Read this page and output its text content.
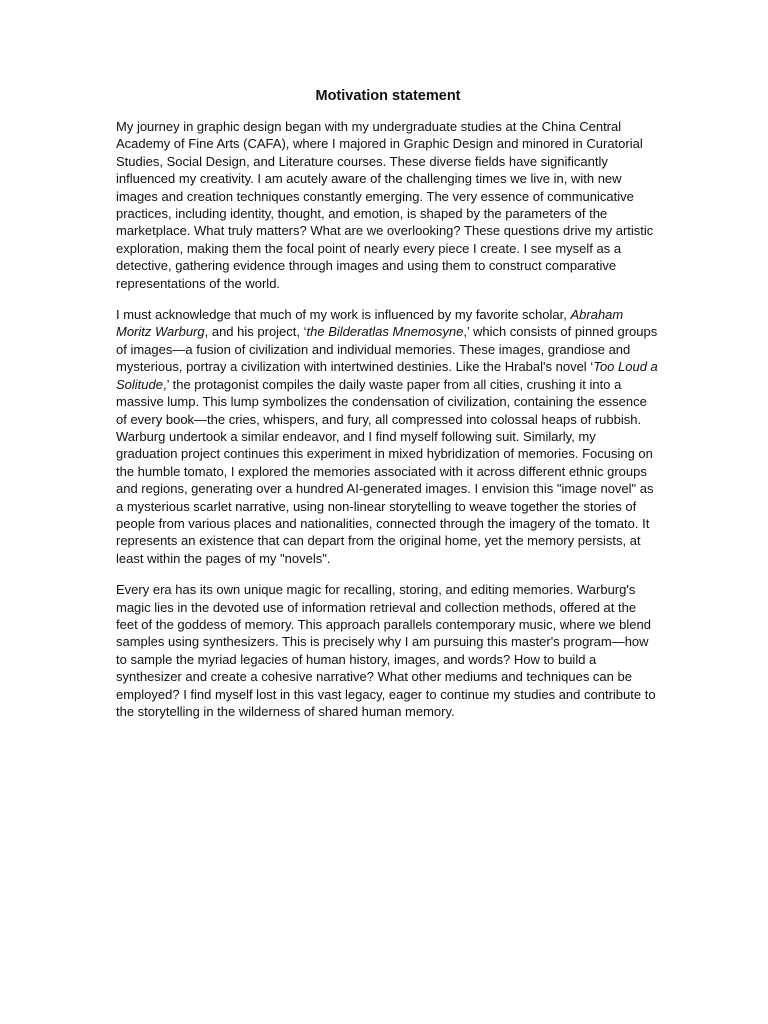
Motivation statement

My journey in graphic design began with my undergraduate studies at the China Central Academy of Fine Arts (CAFA), where I majored in Graphic Design and minored in Curatorial Studies, Social Design, and Literature courses. These diverse fields have significantly influenced my creativity. I am acutely aware of the challenging times we live in, with new images and creation techniques constantly emerging. The very essence of communicative practices, including identity, thought, and emotion, is shaped by the parameters of the marketplace. What truly matters? What are we overlooking? These questions drive my artistic exploration, making them the focal point of nearly every piece I create. I see myself as a detective, gathering evidence through images and using them to construct comparative representations of the world.

I must acknowledge that much of my work is influenced by my favorite scholar, Abraham Moritz Warburg, and his project, ‘the Bilderatlas Mnemosyne,’ which consists of pinned groups of images—a fusion of civilization and individual memories. These images, grandiose and mysterious, portray a civilization with intertwined destinies. Like the Hrabal's novel ‘Too Loud a Solitude,’ the protagonist compiles the daily waste paper from all cities, crushing it into a massive lump. This lump symbolizes the condensation of civilization, containing the essence of every book—the cries, whispers, and fury, all compressed into colossal heaps of rubbish. Warburg undertook a similar endeavor, and I find myself following suit. Similarly, my graduation project continues this experiment in mixed hybridization of memories. Focusing on the humble tomato, I explored the memories associated with it across different ethnic groups and regions, generating over a hundred AI-generated images. I envision this "image novel" as a mysterious scarlet narrative, using non-linear storytelling to weave together the stories of people from various places and nationalities, connected through the imagery of the tomato. It represents an existence that can depart from the original home, yet the memory persists, at least within the pages of my "novels".

Every era has its own unique magic for recalling, storing, and editing memories. Warburg's magic lies in the devoted use of information retrieval and collection methods, offered at the feet of the goddess of memory. This approach parallels contemporary music, where we blend samples using synthesizers. This is precisely why I am pursuing this master's program—how to sample the myriad legacies of human history, images, and words? How to build a synthesizer and create a cohesive narrative? What other mediums and techniques can be employed? I find myself lost in this vast legacy, eager to continue my studies and contribute to the storytelling in the wilderness of shared human memory.
